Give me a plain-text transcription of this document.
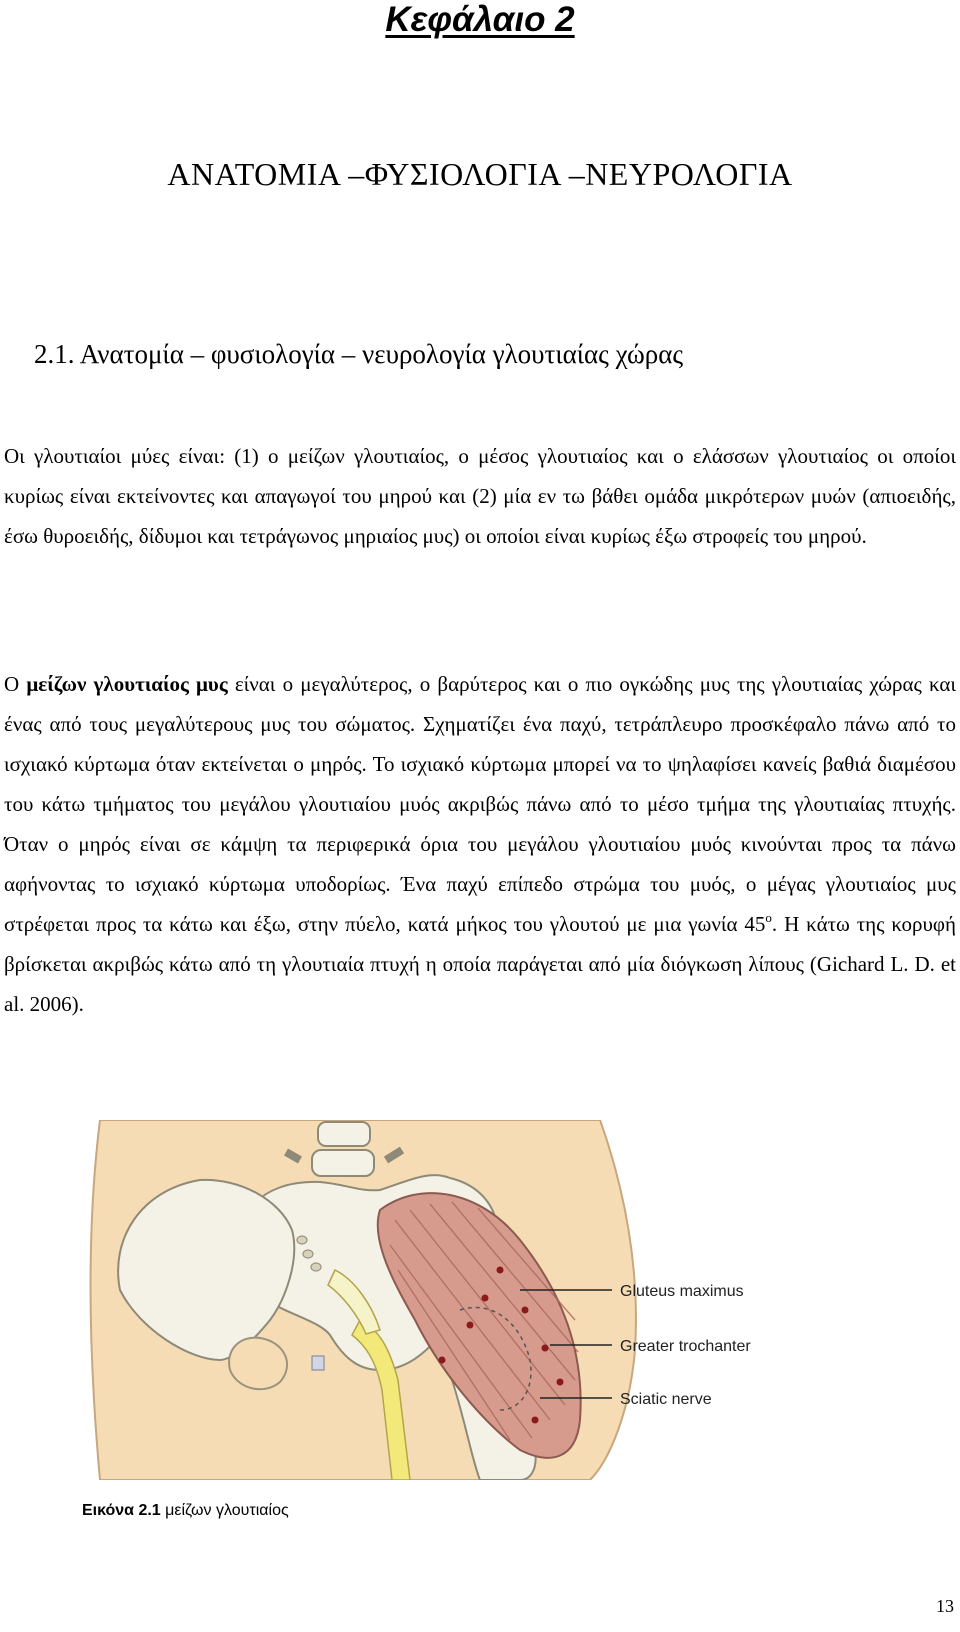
Κεφάλαιο 2
ΑΝΑΤΟΜΙΑ –ΦΥΣΙΟΛΟΓΙΑ –ΝΕΥΡΟΛΟΓΙΑ
2.1. Ανατομία – φυσιολογία – νευρολογία γλουτιαίας χώρας

Οι γλουτιαίοι μύες είναι: (1) ο μείζων γλουτιαίος, ο μέσος γλουτιαίος και ο ελάσσων γλουτιαίος οι οποίοι κυρίως είναι εκτείνοντες και απαγωγοί του μηρού και (2) μία εν τω βάθει ομάδα μικρότερων μυών (απιοειδής, έσω θυροειδής, δίδυμοι και τετράγωνος μηριαίος μυς) οι οποίοι είναι κυρίως έξω στροφείς του μηρού.

Ο μείζων γλουτιαίος μυς είναι ο μεγαλύτερος, ο βαρύτερος και ο πιο ογκώδης μυς της γλουτιαίας χώρας και ένας από τους μεγαλύτερους μυς του σώματος. Σχηματίζει ένα παχύ, τετράπλευρο προσκέφαλο πάνω από το ισχιακό κύρτωμα όταν εκτείνεται ο μηρός. Το ισχιακό κύρτωμα μπορεί να το ψηλαφίσει κανείς βαθιά διαμέσου του κάτω τμήματος του μεγάλου γλουτιαίου μυός ακριβώς πάνω από το μέσο τμήμα της γλουτιαίας πτυχής. Όταν ο μηρός είναι σε κάμψη τα περιφερικά όρια του μεγάλου γλουτιαίου μυός κινούνται προς τα πάνω αφήνοντας το ισχιακό κύρτωμα υποδορίως. Ένα παχύ επίπεδο στρώμα του μυός, ο μέγας γλουτιαίος μυς στρέφεται προς τα κάτω και έξω, στην πύελο, κατά μήκος του γλουτού με μια γωνία $45^o$. Η κάτω της κορυφή βρίσκεται ακριβώς κάτω από τη γλουτιαία πτυχή η οποία παράγεται από μία διόγκωση λίπους (Gichard L. D. et al. 2006).

Gluteus maximus
Greater trochanter
Sciatic nerve
Εικόνα 2.1 μείζων γλουτιαίος
13
